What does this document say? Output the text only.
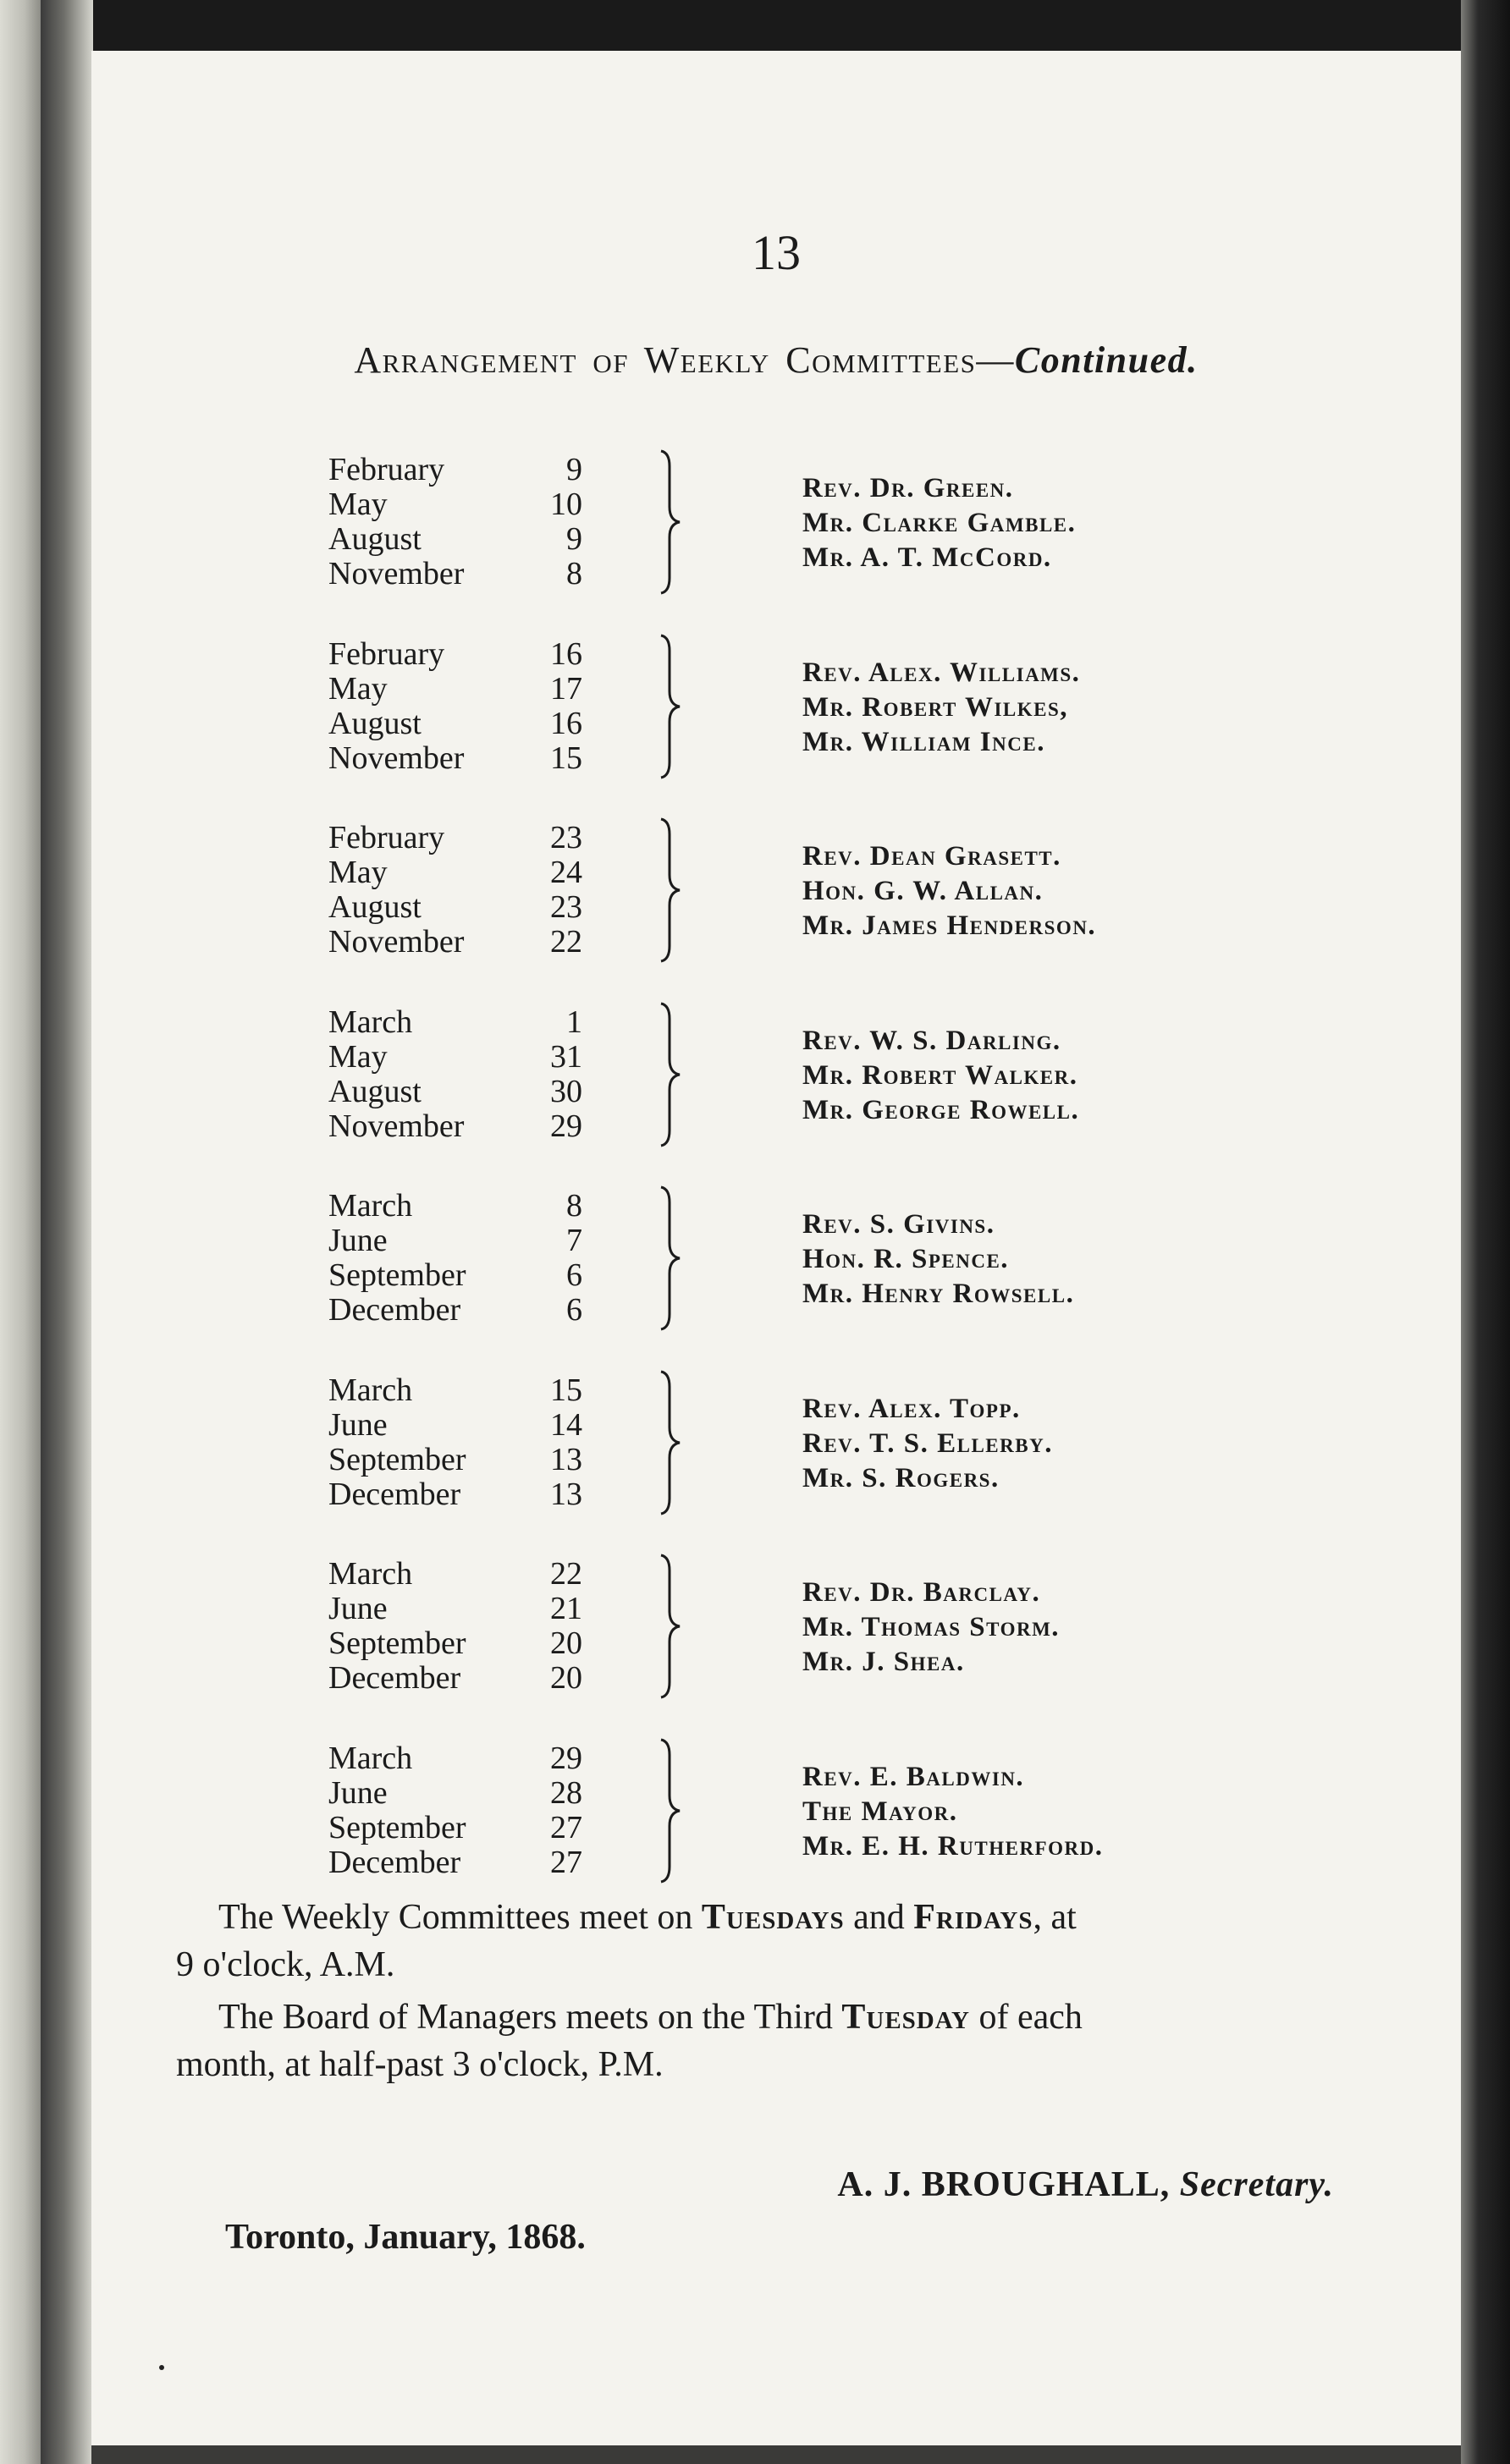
13
Arrangement of Weekly Committees—Continued.
February	9
May	10
August	9
November	8
Rev. Dr. Green.
Mr. Clarke Gamble.
Mr. A. T. McCord.
February	16
May	17
August	16
November	15
Rev. Alex. Williams.
Mr. Robert Wilkes,
Mr. William Ince.
February	23
May	24
August	23
November	22
Rev. Dean Grasett.
Hon. G. W. Allan.
Mr. James Henderson.
March	1
May	31
August	30
November	29
Rev. W. S. Darling.
Mr. Robert Walker.
Mr. George Rowell.
March	8
June	7
September	6
December	6
Rev. S. Givins.
Hon. R. Spence.
Mr. Henry Rowsell.
March	15
June	14
September	13
December	13
Rev. Alex. Topp.
Rev. T. S. Ellerby.
Mr. S. Rogers.
March	22
June	21
September	20
December	20
Rev. Dr. Barclay.
Mr. Thomas Storm.
Mr. J. Shea.
March	29
June	28
September	27
December	27
Rev. E. Baldwin.
The Mayor.
Mr. E. H. Rutherford.
The Weekly Committees meet on Tuesdays and Fridays, at
9 o'clock, A.M.
The Board of Managers meets on the Third Tuesday of each
month, at half-past 3 o'clock, P.M.
A. J. BROUGHALL, Secretary.
Toronto, January, 1868.
